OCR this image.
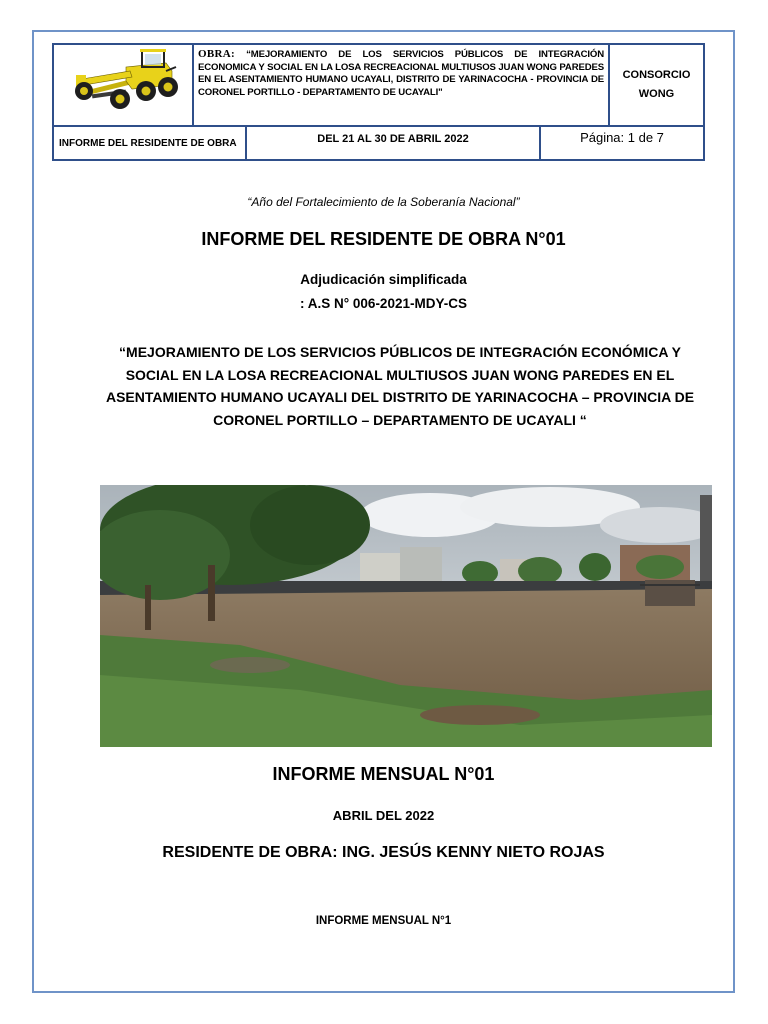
OBRA: “MEJORAMIENTO DE LOS SERVICIOS PÚBLICOS DE INTEGRACIÓN ECONOMICA Y SOCIAL EN LA LOSA RECREACIONAL MULTIUSOS JUAN WONG PAREDES EN EL ASENTAMIENTO HUMANO UCAYALI, DISTRITO DE YARINACOCHA - PROVINCIA DE CORONEL PORTILLO - DEPARTAMENTO DE UCAYALI"
CONSORCIO WONG
INFORME DEL RESIDENTE DE OBRA	DEL 21 AL 30 DE ABRIL 2022	Página: 1 de 7
“Año del Fortalecimiento de la Soberanía Nacional”
INFORME DEL RESIDENTE DE OBRA N°01
Adjudicación simplificada
: A.S N° 006-2021-MDY-CS
“MEJORAMIENTO DE LOS SERVICIOS PÚBLICOS DE INTEGRACIÓN ECONÓMICA Y SOCIAL EN LA LOSA RECREACIONAL MULTIUSOS JUAN WONG PAREDES EN EL ASENTAMIENTO HUMANO UCAYALI DEL DISTRITO DE YARINACOCHA – PROVINCIA DE CORONEL PORTILLO – DEPARTAMENTO DE UCAYALI “
INFORME MENSUAL N°01
ABRIL DEL 2022
RESIDENTE DE OBRA: ING. JESÚS KENNY NIETO ROJAS
INFORME MENSUAL N°1
